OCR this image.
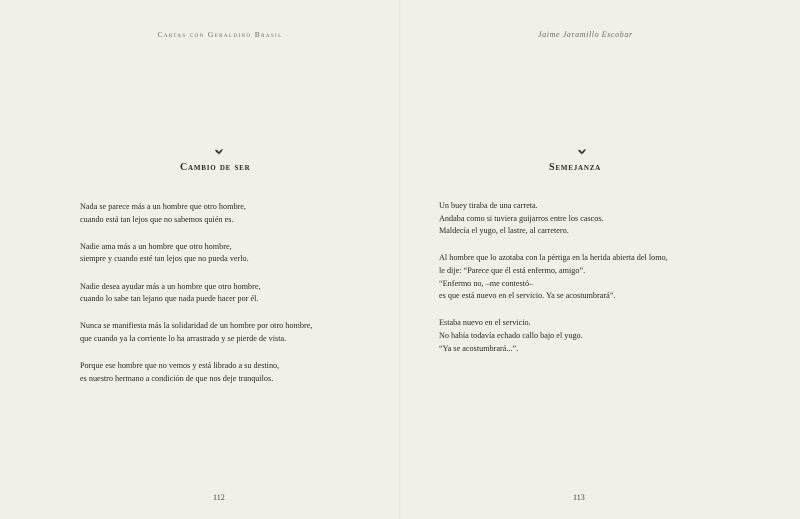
Cartas con Geraldino Brasil
Cambio de ser
Nada se parece más a un hombre que otro hombre,
cuando está tan lejos que no sabemos quién es.
Nadie ama más a un hombre que otro hombre,
siempre y cuando esté tan lejos que no pueda verlo.
Nadie desea ayudar más a un hombre que otro hombre,
cuando lo sabe tan lejano que nada puede hacer por él.
Nunca se manifiesta más la solidaridad de un hombre por otro hombre,
que cuando ya la corriente lo ha arrastrado y se pierde de vista.
Porque ese hombre que no vemos y está librado a su destino,
es nuestro hermano a condición de que nos deje tranquilos.
112
Jaime Jaramillo Escobar
Semejanza
Un buey tiraba de una carreta.
Andaba como si tuviera guijarros entre los cascos.
Maldecía el yugo, el lastre, al carretero.
Al hombre que lo azotaba con la pértiga en la herida abierta del lomo,
le dije: “Parece que él está enfermo, amigo”.
“Enfermo no, –me contestó–
es que está nuevo en el servicio. Ya se acostumbrará”.
Estaba nuevo en el servicio.
No había todavía echado callo bajo el yugo.
“Ya se acostumbrará...”.
113
